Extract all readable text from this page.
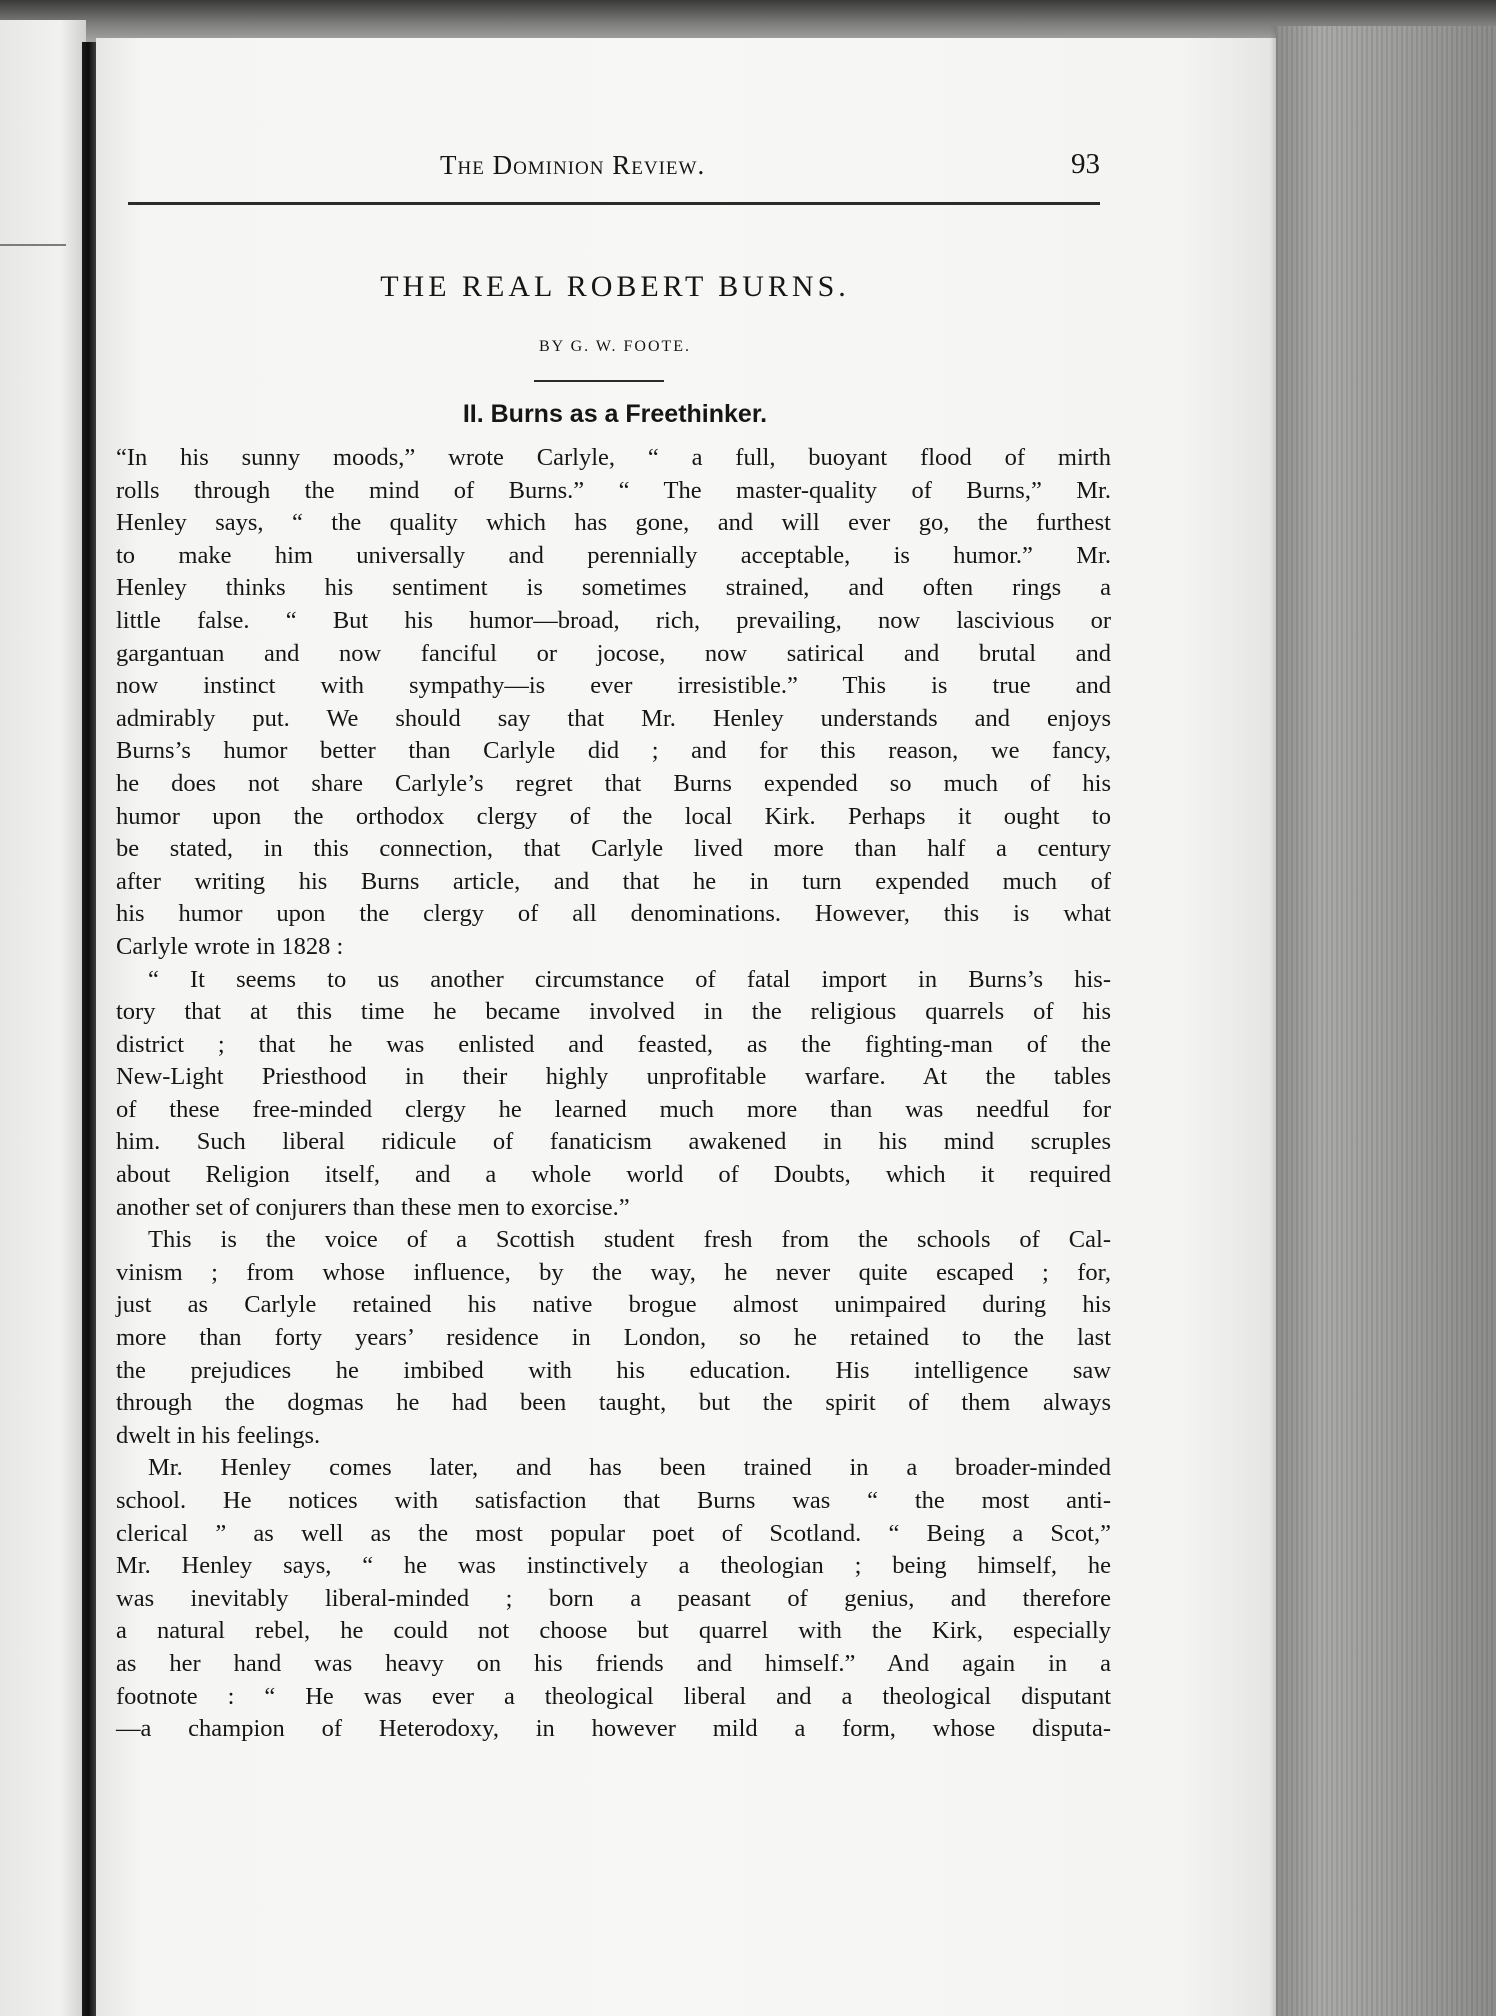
The Dominion Review.	93
THE REAL ROBERT BURNS.
BY G. W. FOOTE.
II. Burns as a Freethinker.
“In his sunny moods,” wrote Carlyle, “ a full, buoyant flood of mirth
rolls through the mind of Burns.” “ The master-quality of Burns,” Mr.
Henley says, “ the quality which has gone, and will ever go, the furthest
to make him universally and perennially acceptable, is humor.” Mr.
Henley thinks his sentiment is sometimes strained, and often rings a
little false. “ But his humor—broad, rich, prevailing, now lascivious or
gargantuan and now fanciful or jocose, now satirical and brutal and
now instinct with sympathy—is ever irresistible.” This is true and
admirably put. We should say that Mr. Henley understands and enjoys
Burns’s humor better than Carlyle did ; and for this reason, we fancy,
he does not share Carlyle’s regret that Burns expended so much of his
humor upon the orthodox clergy of the local Kirk. Perhaps it ought to
be stated, in this connection, that Carlyle lived more than half a century
after writing his Burns article, and that he in turn expended much of
his humor upon the clergy of all denominations. However, this is what
Carlyle wrote in 1828 :
“ It seems to us another circumstance of fatal import in Burns’s his-
tory that at this time he became involved in the religious quarrels of his
district ; that he was enlisted and feasted, as the fighting-man of the
New-Light Priesthood in their highly unprofitable warfare. At the tables
of these free-minded clergy he learned much more than was needful for
him. Such liberal ridicule of fanaticism awakened in his mind scruples
about Religion itself, and a whole world of Doubts, which it required
another set of conjurers than these men to exorcise.”
This is the voice of a Scottish student fresh from the schools of Cal-
vinism ; from whose influence, by the way, he never quite escaped ; for,
just as Carlyle retained his native brogue almost unimpaired during his
more than forty years’ residence in London, so he retained to the last
the prejudices he imbibed with his education. His intelligence saw
through the dogmas he had been taught, but the spirit of them always
dwelt in his feelings.
Mr. Henley comes later, and has been trained in a broader-minded
school. He notices with satisfaction that Burns was “ the most anti-
clerical ” as well as the most popular poet of Scotland. “ Being a Scot,”
Mr. Henley says, “ he was instinctively a theologian ; being himself, he
was inevitably liberal-minded ; born a peasant of genius, and therefore
a natural rebel, he could not choose but quarrel with the Kirk, especially
as her hand was heavy on his friends and himself.” And again in a
footnote : “ He was ever a theological liberal and a theological disputant
—a champion of Heterodoxy, in however mild a form, whose disputa-
